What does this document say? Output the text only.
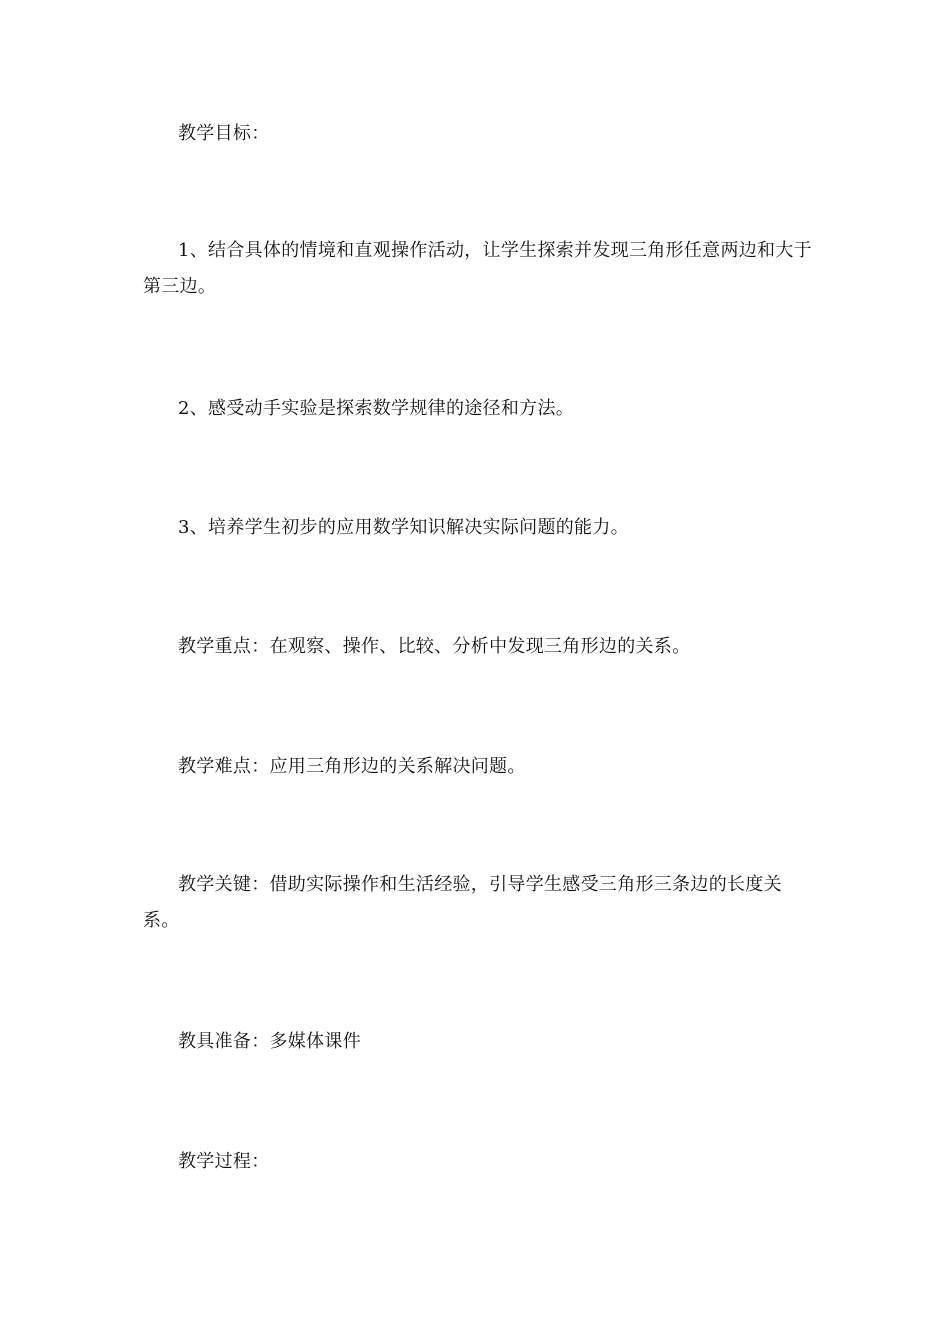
教学目标：

1、结合具体的情境和直观操作活动，让学生探索并发现三角形任意两边和大于第三边。

2、感受动手实验是探索数学规律的途径和方法。

3、培养学生初步的应用数学知识解决实际问题的能力。

教学重点：在观察、操作、比较、分析中发现三角形边的关系。

教学难点：应用三角形边的关系解决问题。

教学关键：借助实际操作和生活经验，引导学生感受三角形三条边的长度关系。

教具准备：多媒体课件

教学过程：
